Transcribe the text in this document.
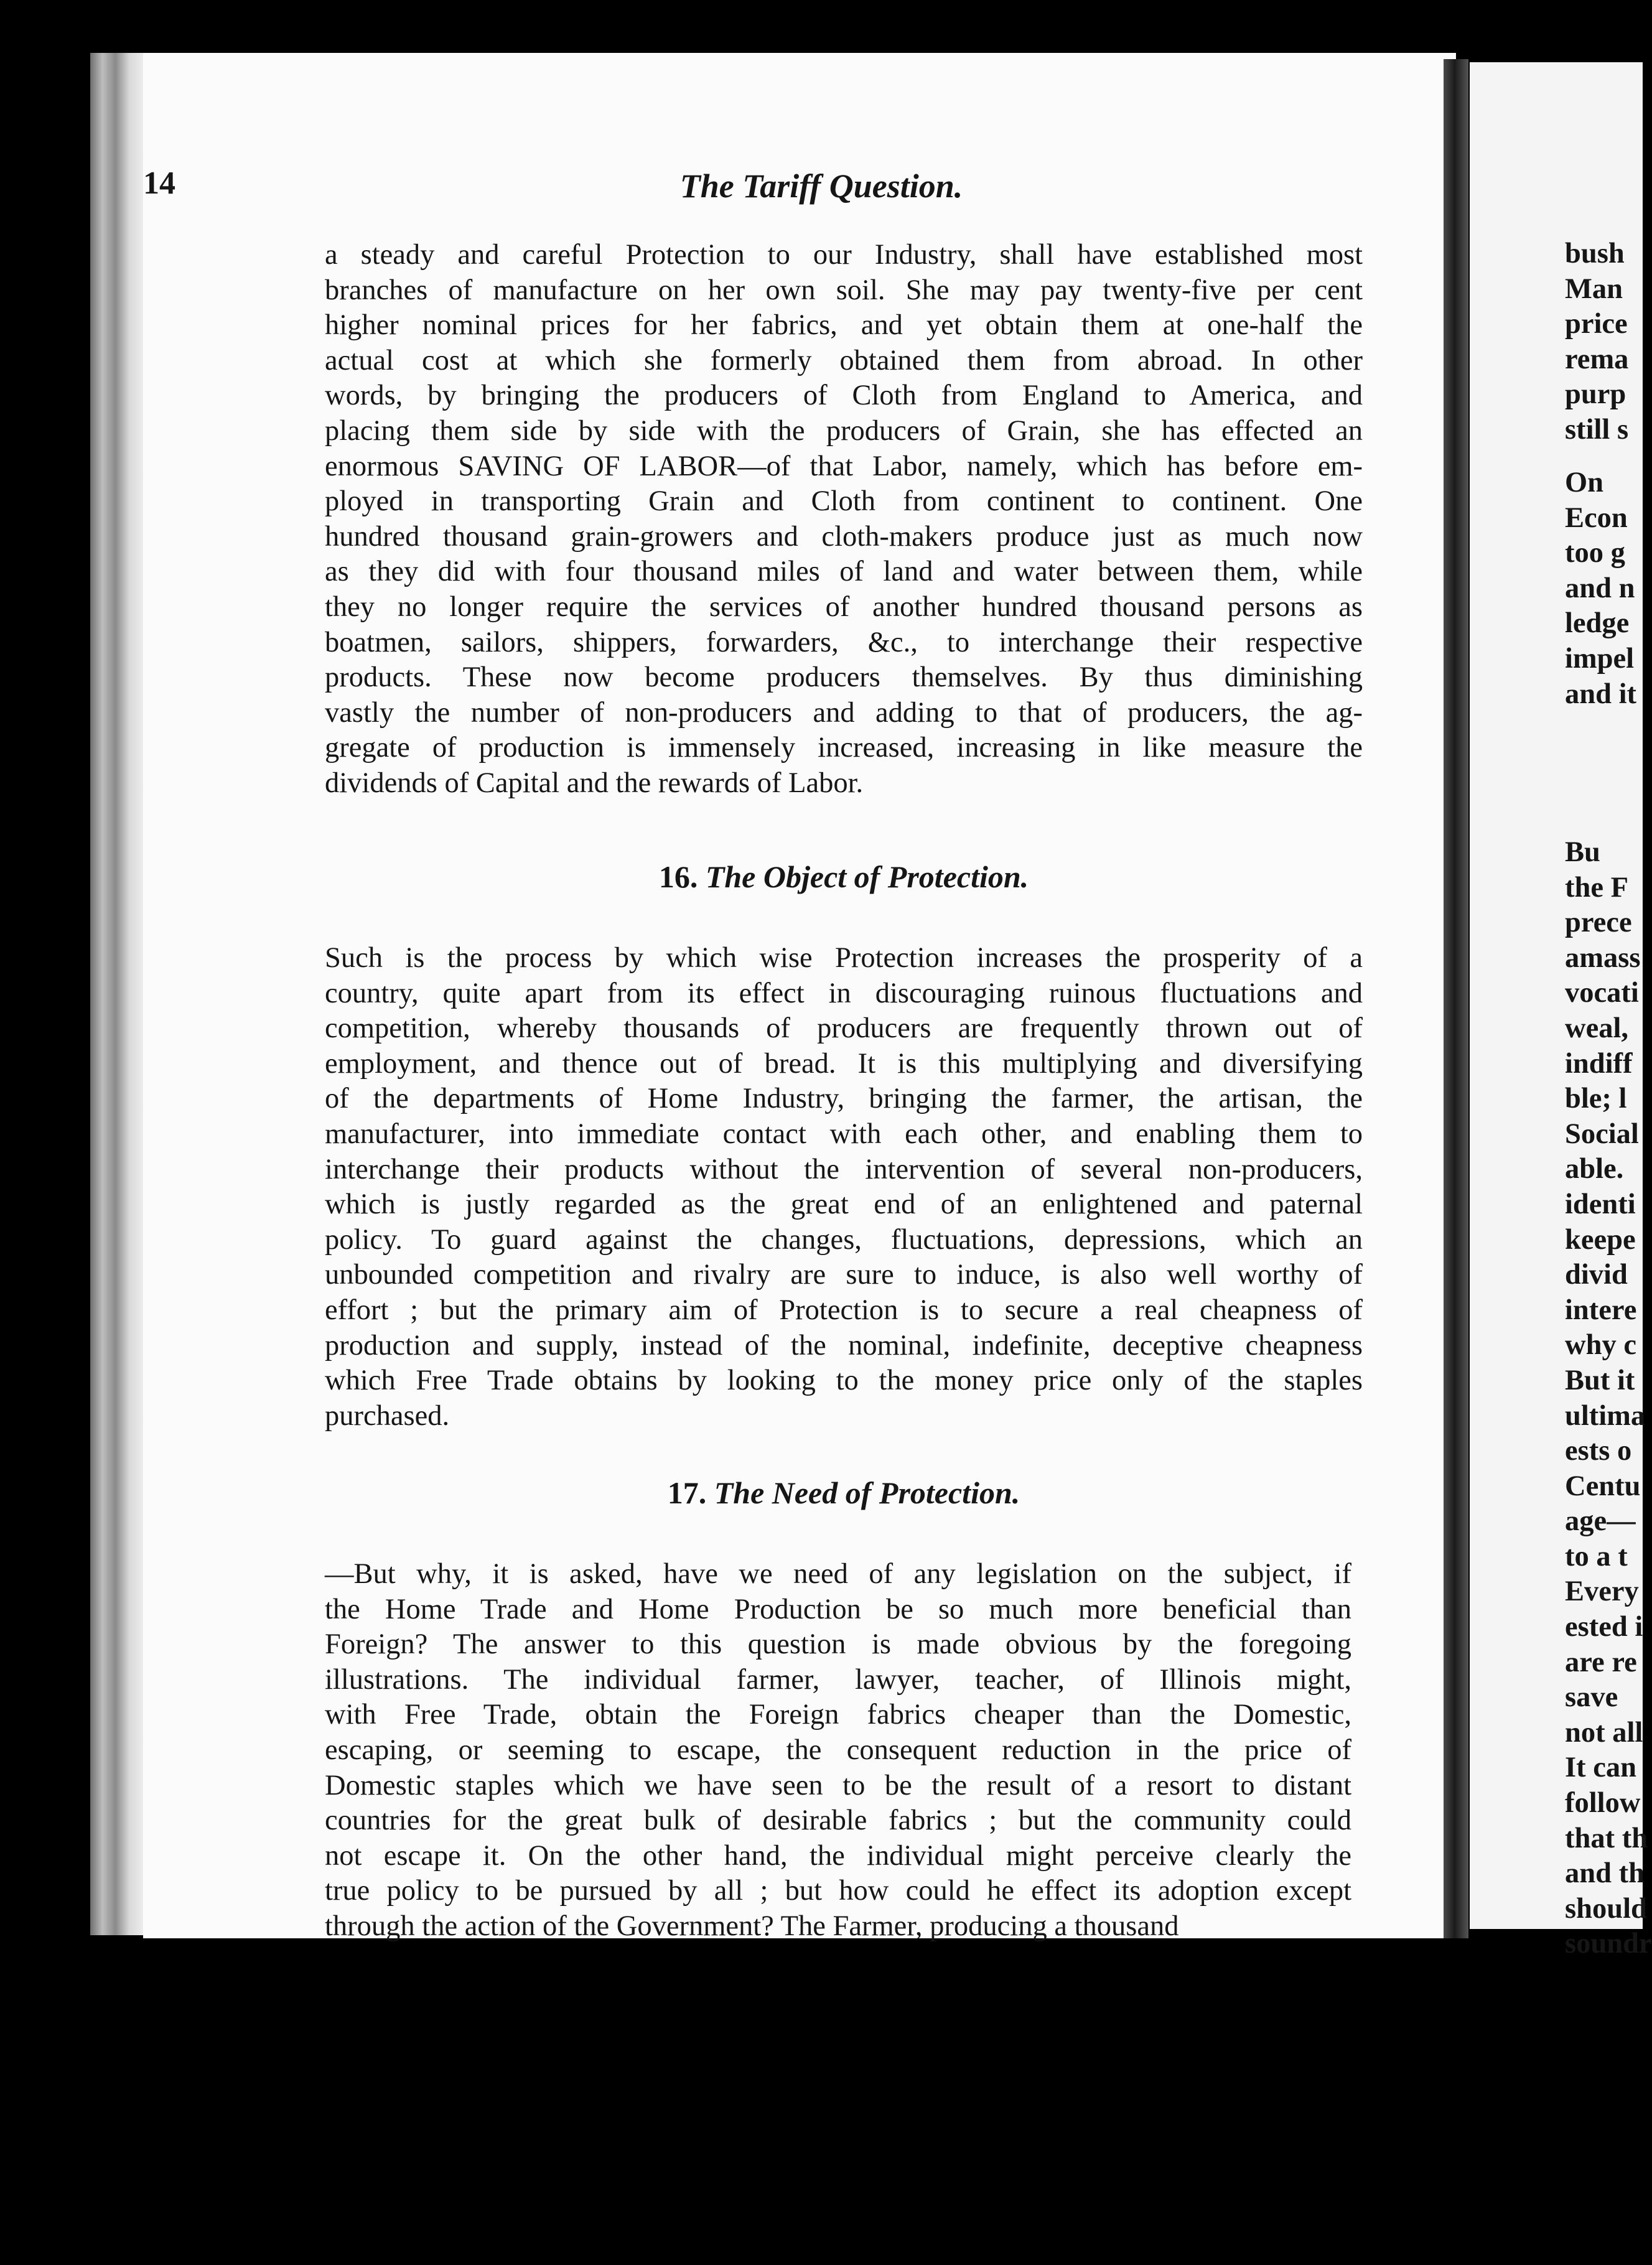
14	The Tariff Question.
a steady and careful Protection to our Industry, shall have established most
branches of manufacture on her own soil. She may pay twenty-five per cent
higher nominal prices for her fabrics, and yet obtain them at one-half the
actual cost at which she formerly obtained them from abroad. In other
words, by bringing the producers of Cloth from England to America, and
placing them side by side with the producers of Grain, she has effected an
enormous SAVING OF LABOR—of that Labor, namely, which has before em-
ployed in transporting Grain and Cloth from continent to continent. One
hundred thousand grain-growers and cloth-makers produce just as much now
as they did with four thousand miles of land and water between them, while
they no longer require the services of another hundred thousand persons as
boatmen, sailors, shippers, forwarders, &c., to interchange their respective
products. These now become producers themselves. By thus diminishing
vastly the number of non-producers and adding to that of producers, the ag-
gregate of production is immensely increased, increasing in like measure the
dividends of Capital and the rewards of Labor.
16. The Object of Protection.
Such is the process by which wise Protection increases the prosperity of a
country, quite apart from its effect in discouraging ruinous fluctuations and
competition, whereby thousands of producers are frequently thrown out of
employment, and thence out of bread. It is this multiplying and diversifying
of the departments of Home Industry, bringing the farmer, the artisan, the
manufacturer, into immediate contact with each other, and enabling them to
interchange their products without the intervention of several non-producers,
which is justly regarded as the great end of an enlightened and paternal
policy. To guard against the changes, fluctuations, depressions, which an
unbounded competition and rivalry are sure to induce, is also well worthy of
effort ; but the primary aim of Protection is to secure a real cheapness of
production and supply, instead of the nominal, indefinite, deceptive cheapness
which Free Trade obtains by looking to the money price only of the staples
purchased.
17. The Need of Protection.
—But why, it is asked, have we need of any legislation on the subject, if
the Home Trade and Home Production be so much more beneficial than
Foreign? The answer to this question is made obvious by the foregoing
illustrations. The individual farmer, lawyer, teacher, of Illinois might,
with Free Trade, obtain the Foreign fabrics cheaper than the Domestic,
escaping, or seeming to escape, the consequent reduction in the price of
Domestic staples which we have seen to be the result of a resort to distant
countries for the great bulk of desirable fabrics ; but the community could
not escape it. On the other hand, the individual might perceive clearly the
true policy to be pursued by all ; but how could he effect its adoption except
through the action of the Government? The Farmer, producing a thousand
bush
Man
price
rema
purp
still s
On
Econ
too g
and n
ledge
impel
and it
Bu
the F
prece
amass
vocati
weal,
indiff
ble; l
Social
able.
identi
keepe
divid
intere
why c
But it
ultima
ests o
Centu
age—
to a t
Every
ested i
are re
save
not all
It can
follow
that th
and th
should
soundr
